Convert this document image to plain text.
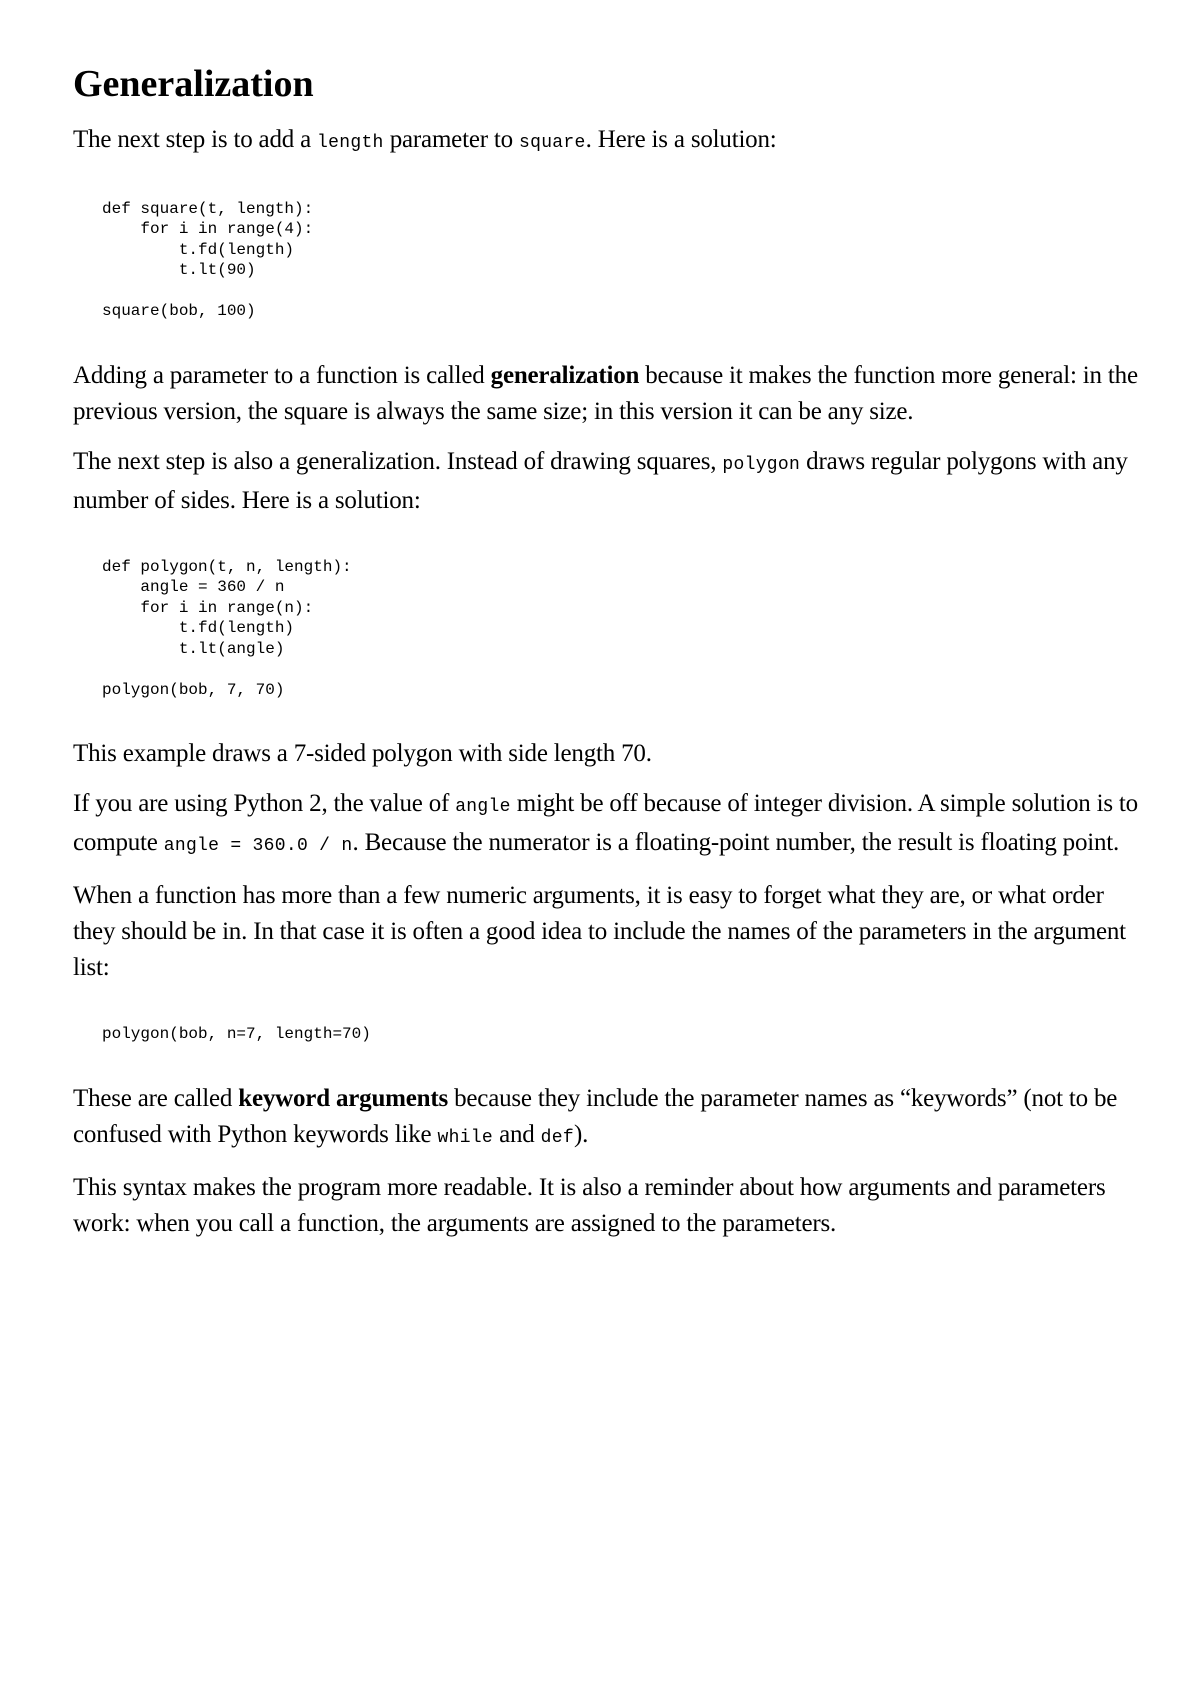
Generalization

The next step is to add a length parameter to square. Here is a solution:

def square(t, length):
for i in range(4):
t.fd(length)
t.lt(90)

square(bob, 100)

Adding a parameter to a function is called generalization because it makes the function more general: in the previous version, the square is always the same size; in this version it can be any size.

The next step is also a generalization. Instead of drawing squares, polygon draws regular polygons with any number of sides. Here is a solution:

def polygon(t, n, length):
angle = 360 / n
for i in range(n):
t.fd(length)
t.lt(angle)

polygon(bob, 7, 70)

This example draws a 7-sided polygon with side length 70.

If you are using Python 2, the value of angle might be off because of integer division. A simple solution is to compute angle = 360.0 / n. Because the numerator is a floating-point number, the result is floating point.

When a function has more than a few numeric arguments, it is easy to forget what they are, or what order they should be in. In that case it is often a good idea to include the names of the parameters in the argument list:

polygon(bob, n=7, length=70)

These are called keyword arguments because they include the parameter names as “keywords” (not to be confused with Python keywords like while and def).

This syntax makes the program more readable. It is also a reminder about how arguments and parameters work: when you call a function, the arguments are assigned to the parameters.
